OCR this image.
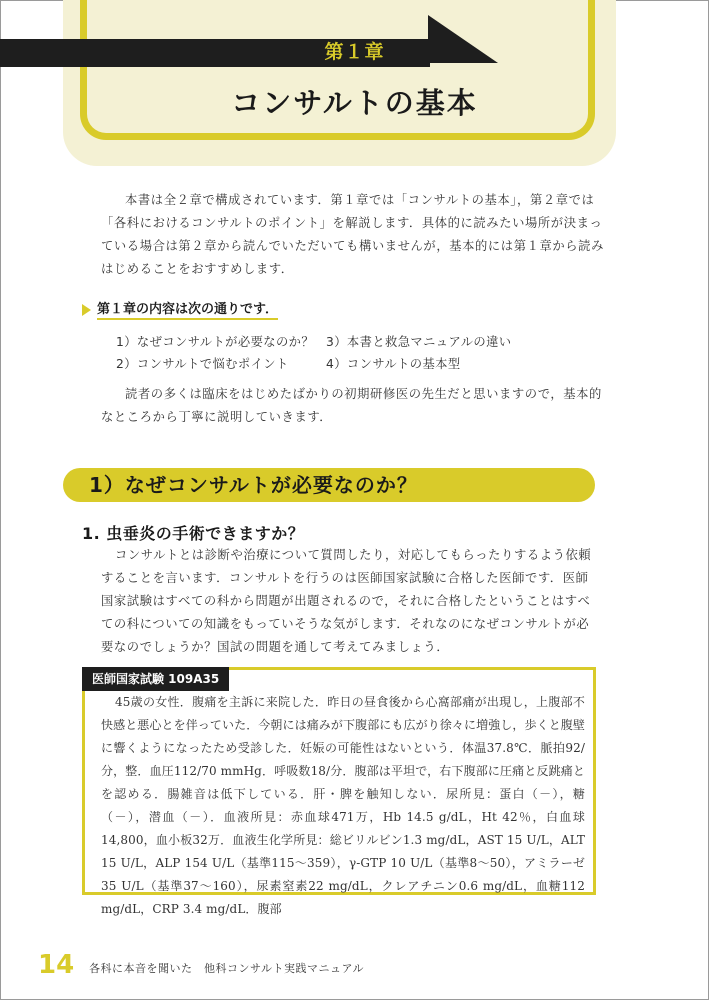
第１章
コンサルトの基本
本書は全２章で構成されています．第１章では「コンサルトの基本」，第２章では「各科におけるコンサルトのポイント」を解説します．具体的に読みたい場所が決まっている場合は第２章から読んでいただいても構いませんが，基本的には第１章から読みはじめることをおすすめします．
第１章の内容は次の通りです．
1）なぜコンサルトが必要なのか？
2）コンサルトで悩むポイント
3）本書と救急マニュアルの違い
4）コンサルトの基本型
読者の多くは臨床をはじめたばかりの初期研修医の先生だと思いますので，基本的なところから丁寧に説明していきます．
1）なぜコンサルトが必要なのか？
1. 虫垂炎の手術できますか？
コンサルトとは診断や治療について質問したり，対応してもらったりするよう依頼することを言います．コンサルトを行うのは医師国家試験に合格した医師です．医師国家試験はすべての科から問題が出題されるので，それに合格したということはすべての科についての知識をもっていそうな気がします．それなのになぜコンサルトが必要なのでしょうか？国試の問題を通して考えてみましょう．
医師国家試験 109A35
45歳の女性．腹痛を主訴に来院した．昨日の昼食後から心窩部痛が出現し，上腹部不快感と悪心とを伴っていた．今朝には痛みが下腹部にも広がり徐々に増強し，歩くと腹壁に響くようになったため受診した．妊娠の可能性はないという．体温37.8℃．脈拍92/分，整．血圧112/70 mmHg．呼吸数18/分．腹部は平坦で，右下腹部に圧痛と反跳痛とを認める．腸雑音は低下している．肝・脾を触知しない．尿所見：蛋白（－），糖（－），潜血（－）．血液所見：赤血球471万，Hb 14.5 g/dL，Ht 42％，白血球14,800，血小板32万．血液生化学所見：総ビリルビン1.3 mg/dL，AST 15 U/L，ALT 15 U/L，ALP 154 U/L（基準115～359），γ-GTP 10 U/L（基準8～50），アミラーゼ35 U/L（基準37～160），尿素窒素22 mg/dL，クレアチニン0.6 mg/dL，血糖112 mg/dL，CRP 3.4 mg/dL．腹部
14 各科に本音を聞いた　他科コンサルト実践マニュアル
